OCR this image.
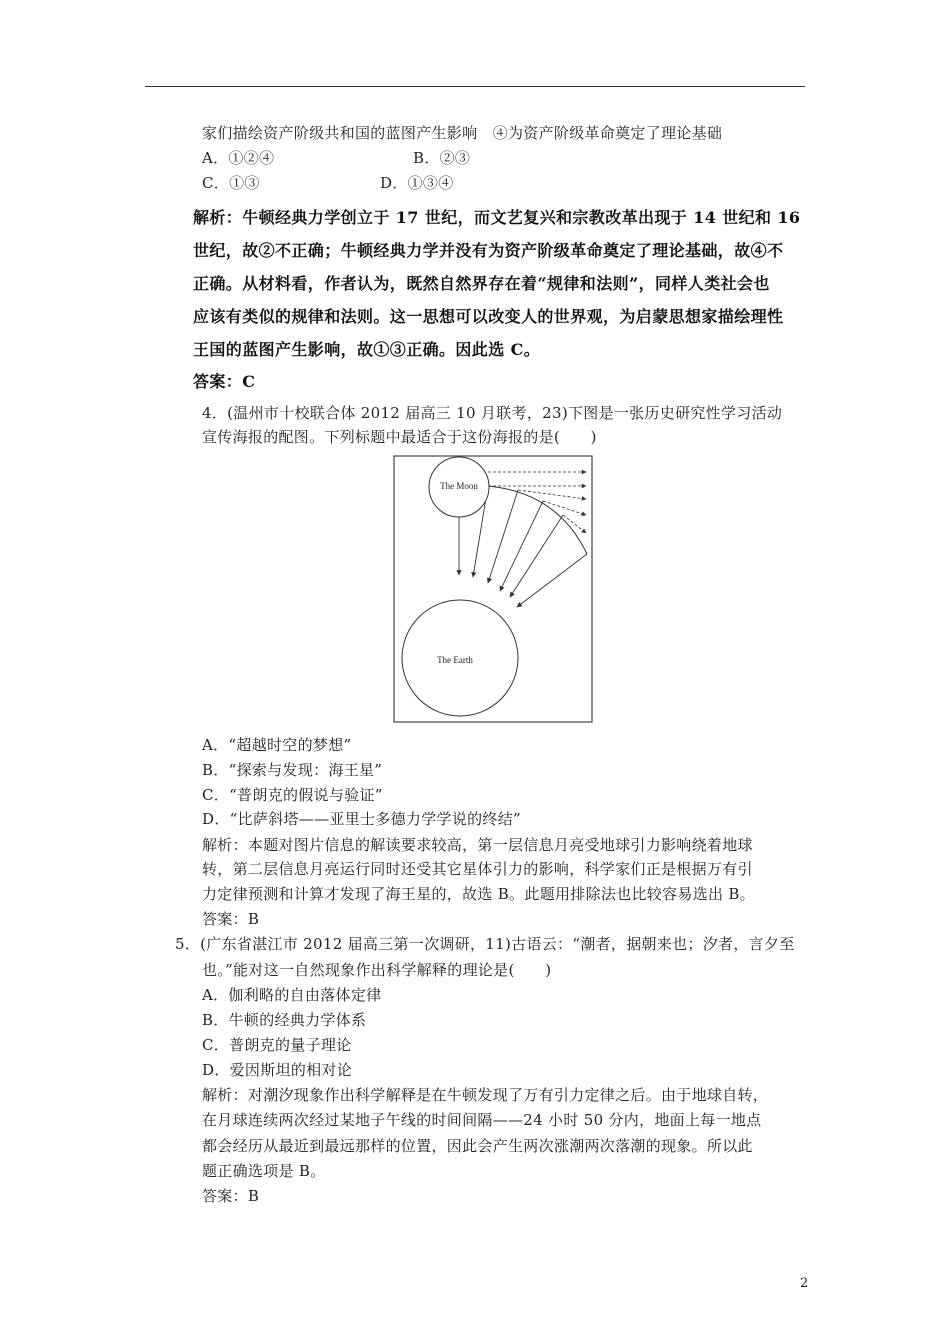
家们描绘资产阶级共和国的蓝图产生影响　④为资产阶级革命奠定了理论基础
A．①②④	B．②③
C．①③	D．①③④
解析：牛顿经典力学创立于 17 世纪，而文艺复兴和宗教改革出现于 14 世纪和 16
世纪，故②不正确；牛顿经典力学并没有为资产阶级革命奠定了理论基础，故④不
正确。从材料看，作者认为，既然自然界存在着“规律和法则”，同样人类社会也
应该有类似的规律和法则。这一思想可以改变人的世界观，为启蒙思想家描绘理性
王国的蓝图产生影响，故①③正确。因此选 C。
答案：C
4．(温州市十校联合体 2012 届高三 10 月联考，23)下图是一张历史研究性学习活动
宣传海报的配图。下列标题中最适合于这份海报的是(　　)
The Moon
The Earth
A．“超越时空的梦想”
B．“探索与发现：海王星”
C．“普朗克的假说与验证”
D．“比萨斜塔——亚里士多德力学学说的终结”
解析：本题对图片信息的解读要求较高，第一层信息月亮受地球引力影响绕着地球
转，第二层信息月亮运行同时还受其它星体引力的影响，科学家们正是根据万有引
力定律预测和计算才发现了海王星的，故选 B。此题用排除法也比较容易选出 B。
答案：B
5．(广东省湛江市 2012 届高三第一次调研，11)古语云：“潮者，据朝来也；汐者，言夕至
也。”能对这一自然现象作出科学解释的理论是(　　)
A．伽利略的自由落体定律
B．牛顿的经典力学体系
C．普朗克的量子理论
D．爱因斯坦的相对论
解析：对潮汐现象作出科学解释是在牛顿发现了万有引力定律之后。由于地球自转，
在月球连续两次经过某地子午线的时间间隔——24 小时 50 分内，地面上每一地点
都会经历从最近到最远那样的位置，因此会产生两次涨潮两次落潮的现象。所以此
题正确选项是 B。
答案：B
2
